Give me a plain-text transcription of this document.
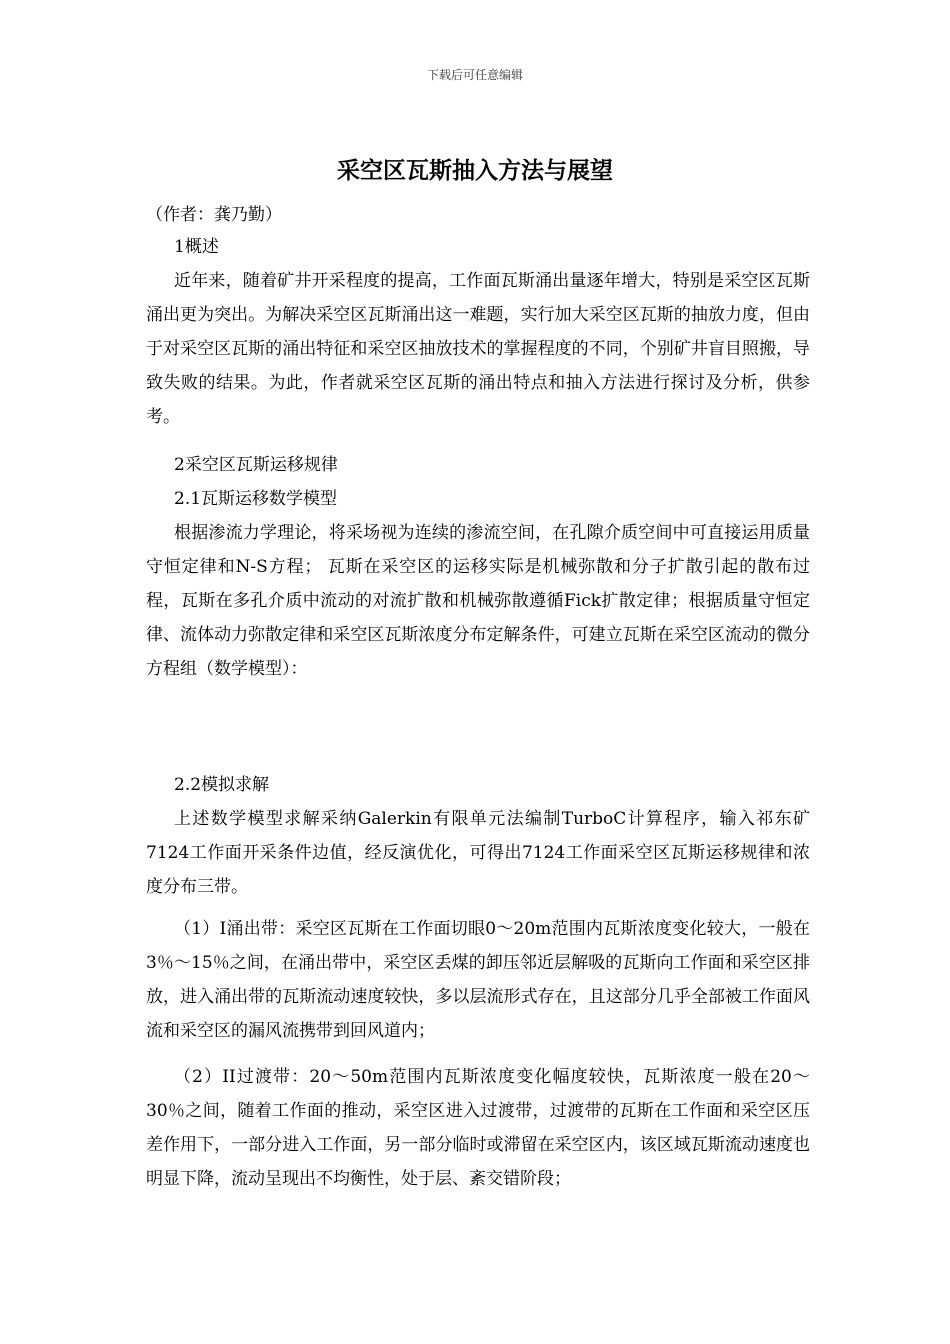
下载后可任意编辑
采空区瓦斯抽入方法与展望

（作者：龚乃勤）

1概述

近年来，随着矿井开采程度的提高，工作面瓦斯涌出量逐年增大，特别是采空区瓦斯涌出更为突出。为解决采空区瓦斯涌出这一难题，实行加大采空区瓦斯的抽放力度，但由于对采空区瓦斯的涌出特征和采空区抽放技术的掌握程度的不同，个别矿井盲目照搬，导致失败的结果。为此，作者就采空区瓦斯的涌出特点和抽入方法进行探讨及分析，供参考。

2采空区瓦斯运移规律

2.1瓦斯运移数学模型

根据渗流力学理论，将采场视为连续的渗流空间，在孔隙介质空间中可直接运用质量守恒定律和N-S方程； 瓦斯在采空区的运移实际是机械弥散和分子扩散引起的散布过程，瓦斯在多孔介质中流动的对流扩散和机械弥散遵循Fick扩散定律；根据质量守恒定律、流体动力弥散定律和采空区瓦斯浓度分布定解条件，可建立瓦斯在采空区流动的微分方程组（数学模型）：

2.2模拟求解

上述数学模型求解采纳Galerkin有限单元法编制TurboC计算程序，输入祁东矿7124工作面开采条件边值，经反演优化，可得出7124工作面采空区瓦斯运移规律和浓度分布三带。

（1）I涌出带：采空区瓦斯在工作面切眼0～20m范围内瓦斯浓度变化较大，一般在3％～15％之间，在涌出带中，采空区丢煤的卸压邻近层解吸的瓦斯向工作面和采空区排放，进入涌出带的瓦斯流动速度较快，多以层流形式存在，且这部分几乎全部被工作面风流和采空区的漏风流携带到回风道内；

（2）II过渡带：20～50m范围内瓦斯浓度变化幅度较快，瓦斯浓度一般在20～30％之间，随着工作面的推动，采空区进入过渡带，过渡带的瓦斯在工作面和采空区压差作用下，一部分进入工作面，另一部分临时或滞留在采空区内，该区域瓦斯流动速度也明显下降，流动呈现出不均衡性，处于层、紊交错阶段；
